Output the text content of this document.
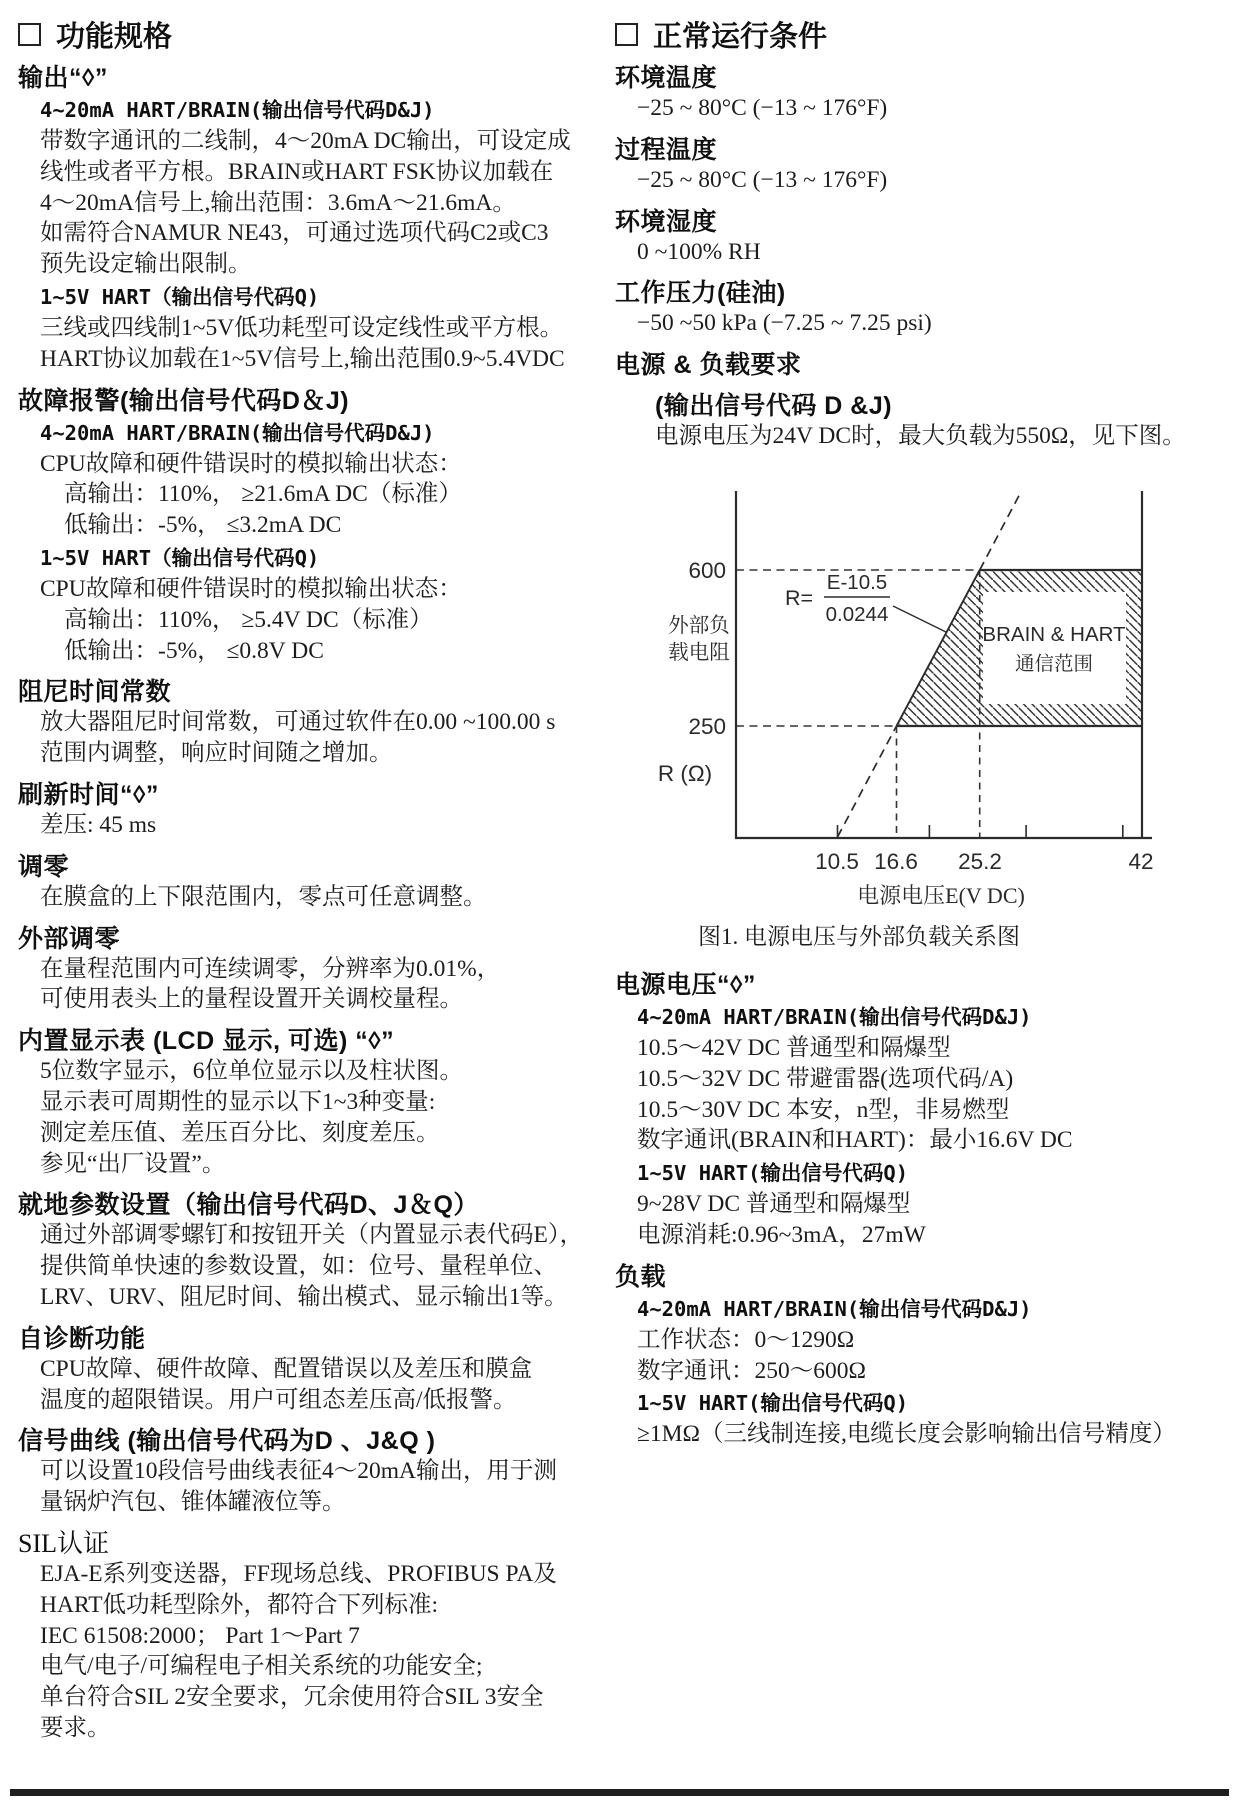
功能规格
输出“◊”
4~20mA HART/BRAIN(输出信号代码D&J)
带数字通讯的二线制，4～20mA DC输出，可设定成
线性或者平方根。BRAIN或HART FSK协议加载在
4～20mA信号上,输出范围：3.6mA～21.6mA。
如需符合NAMUR NE43，可通过选项代码C2或C3
预先设定输出限制。
1~5V HART（输出信号代码Q)
三线或四线制1~5V低功耗型可设定线性或平方根。
HART协议加载在1~5V信号上,输出范围0.9~5.4VDC
故障报警(输出信号代码D＆J)
4~20mA HART/BRAIN(输出信号代码D&J)
CPU故障和硬件错误时的模拟输出状态：
高输出：110%， ≥21.6mA DC（标准）
低输出：-5%， ≤3.2mA DC
1~5V HART（输出信号代码Q)
CPU故障和硬件错误时的模拟输出状态：
高输出：110%， ≥5.4V DC（标准）
低输出：-5%， ≤0.8V DC
阻尼时间常数
放大器阻尼时间常数，可通过软件在0.00 ~100.00 s
范围内调整，响应时间随之增加。
刷新时间“◊”
差压: 45 ms
调零
在膜盒的上下限范围内，零点可任意调整。
外部调零
在量程范围内可连续调零，分辨率为0.01%，
可使用表头上的量程设置开关调校量程。
内置显示表 (LCD 显示, 可选) “◊”
5位数字显示，6位单位显示以及柱状图。
显示表可周期性的显示以下1~3种变量:
测定差压值、差压百分比、刻度差压。
参见“出厂设置”。
就地参数设置（输出信号代码D、J＆Q）
通过外部调零螺钉和按钮开关（内置显示表代码E），
提供简单快速的参数设置，如：位号、量程单位、
LRV、URV、阻尼时间、输出模式、显示输出1等。
自诊断功能
CPU故障、硬件故障、配置错误以及差压和膜盒
温度的超限错误。用户可组态差压高/低报警。
信号曲线 (输出信号代码为D 、J&Q )
可以设置10段信号曲线表征4～20mA输出，用于测
量锅炉汽包、锥体罐液位等。
SIL认证
EJA-E系列变送器，FF现场总线、PROFIBUS PA及
HART低功耗型除外，都符合下列标准:
IEC 61508:2000； Part 1～Part 7
电气/电子/可编程电子相关系统的功能安全;
单台符合SIL 2安全要求，冗余使用符合SIL 3安全
要求。
正常运行条件
环境温度
−25 ~ 80°C (−13 ~ 176°F)
过程温度
−25 ~ 80°C (−13 ~ 176°F)
环境湿度
0 ~100% RH
工作压力(硅油)
−50 ~50 kPa (−7.25 ~ 7.25 psi)
电源 & 负载要求
(输出信号代码 D &J)
电源电压为24V DC时，最大负载为550Ω，见下图。
BRAIN & HART
通信范围
600
250
外部负
载电阻
R (Ω)
10.5 16.6 25.2	42
电源电压E(V DC)
R=
E-10.5
0.0244
图1. 电源电压与外部负载关系图
电源电压“◊”
4~20mA HART/BRAIN(输出信号代码D&J)
10.5～42V DC 普通型和隔爆型
10.5～32V DC 带避雷器(选项代码/A)
10.5～30V DC 本安，n型，非易燃型
数字通讯(BRAIN和HART)：最小16.6V DC
1~5V HART(输出信号代码Q)
9~28V DC 普通型和隔爆型
电源消耗:0.96~3mA，27mW
负载
4~20mA HART/BRAIN(输出信号代码D&J)
工作状态：0～1290Ω
数字通讯：250～600Ω
1~5V HART(输出信号代码Q)
≥1MΩ（三线制连接,电缆长度会影响输出信号精度）
